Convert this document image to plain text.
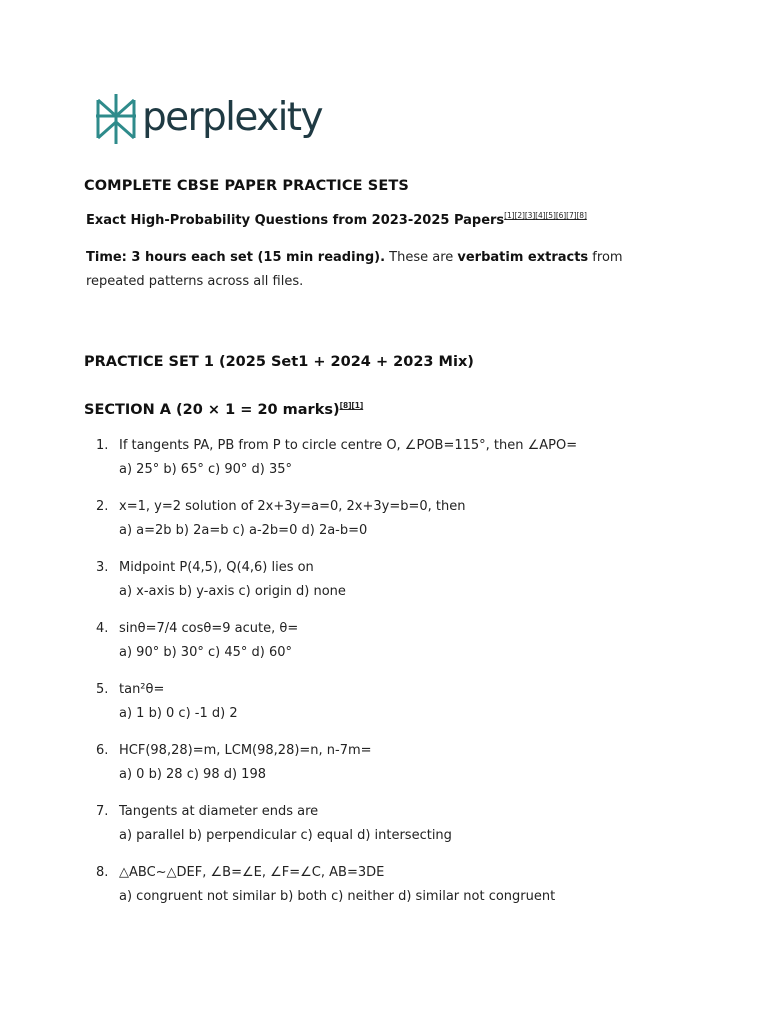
perplexity
COMPLETE CBSE PAPER PRACTICE SETS
Exact High-Probability Questions from 2023-2025 Papers[1][2][3][4][5][6][7][8]

Time: 3 hours each set (15 min reading). These are verbatim extracts from repeated patterns across all files.

PRACTICE SET 1 (2025 Set1 + 2024 + 2023 Mix)
SECTION A (20 × 1 = 20 marks)[8][1]
1. If tangents PA, PB from P to circle centre O, ∠POB=115°, then ∠APO=
a) 25° b) 65° c) 90° d) 35°
2. x=1, y=2 solution of 2x+3y=a=0, 2x+3y=b=0, then
a) a=2b b) 2a=b c) a-2b=0 d) 2a-b=0
3. Midpoint P(4,5), Q(4,6) lies on
a) x-axis b) y-axis c) origin d) none
4. sinθ=7/4 cosθ=9 acute, θ=
a) 90° b) 30° c) 45° d) 60°
5. tan²θ=
a) 1 b) 0 c) -1 d) 2
6. HCF(98,28)=m, LCM(98,28)=n, n-7m=
a) 0 b) 28 c) 98 d) 198
7. Tangents at diameter ends are
a) parallel b) perpendicular c) equal d) intersecting
8. △ABC~△DEF, ∠B=∠E, ∠F=∠C, AB=3DE
a) congruent not similar b) both c) neither d) similar not congruent
